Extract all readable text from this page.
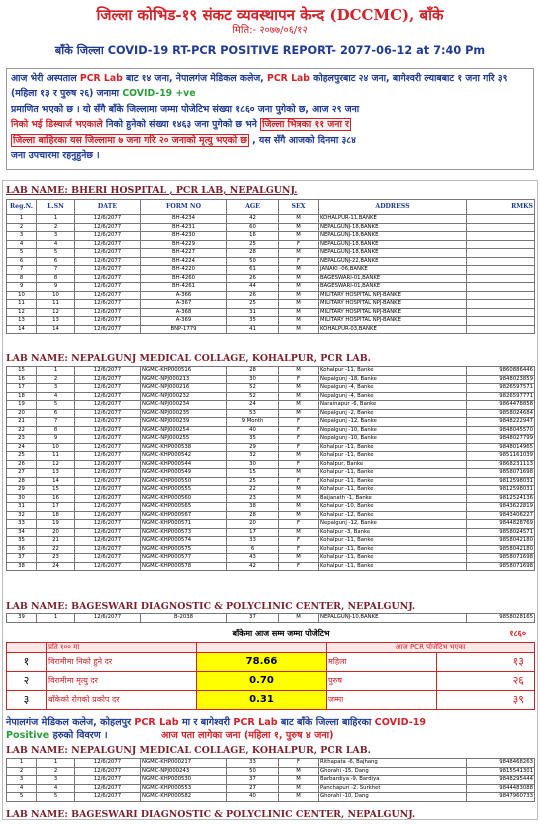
जिल्ला कोभिड-१९ संकट व्यवस्थापन केन्द (DCCMC), बाँके
मिति:- २०७७/०६/१२
बाँके जिल्ला COVID-19 RT-PCR POSITIVE REPORT- 2077-06-12 at 7:40 Pm
आज भेरी अस्पताल PCR Lab बाट १४ जना, नेपालगंज मेडिकल कलेज, PCR Lab कोहलपुरबाट २४ जना, बागेश्वरी ल्याबबाट १ जना गरि ३९ (महिला १३ र पुरुष २६) जनामा COVID-19 +ve
प्रमाणित भएको छ । यो सँगै बाँके जिल्लामा जम्मा पोजेटिभ संख्या १८६० जना पुगेको छ, आज २९ जना
निको भई डिस्चार्ज भएकाले निको हुनेको संख्या १४६३ जना पुगेको छ भने जिल्ला भित्रका ११ जना र
जिल्ला बाहिरका यस जिल्लामा ७ जना गरि २० जनाको मृत्यु भएको छ , यस सँगै आजको दिनमा ३८४
जना उपचारमा रहनुहुनेछ ।
LAB NAME: BHERI HOSPITAL , PCR LAB, NEPALGUNJ.
Reg.N.	L.SN	DATE	FORM NO	AGE	SEX	ADDRESS	RMKS
1	1	12/6/2077	BH-4234	42	M	KOHALPUR-11,BANKE	
2	2	12/6/2077	BH-4231	60	M	NEPALGUNJ-18,BANKE	
3	3	12/6/2077	BH-4230	16	M	NEPALGUNJ-18,BANKE	
4	4	12/6/2077	BH-4229	25	F	NEPALGUNJ-18,BANKE	
5	5	12/6/2077	BH-4227	28	M	NEPALGUNJ-18,BANKE	
6	6	12/6/2077	BH-4224	50	F	NEPALGUNJ-22,BANKE	
7	7	12/6/2077	BH-4220	61	M	JANAKI -06,BANKE	
8	8	12/6/2077	BH-4260	26	M	BAGESWARI-01,BANKE	
9	9	12/6/2077	BH-4261	44	M	BAGESWARI-01,BANKE	
10	10	12/6/2077	A-366	26	M	MILITARY HOSPITAL NPJ-BANKE	
11	11	12/6/2077	A-367	25	M	MILITARY HOSPITAL NPJ-BANKE	
12	12	12/6/2077	A-368	31	M	MILITARY HOSPITAL NPJ-BANKE	
13	13	12/6/2077	A-369	35	M	MILITARY HOSPITAL NPJ-BANKE	
14	14	12/6/2077	BNP-1779	41	M	KOHALPUR-03,BANKE	
LAB NAME: NEPALGUNJ MEDICAL COLLAGE, KOHALPUR, PCR LAB.
15	1	12/6/2077	NGMC-KHP000516	28	M	Kohalpur -11, Banke	9860886446
16	2	12/6/2077	NGMC-NPJ000213	30	F	Nepalgunj -18, Banke	9848023859
17	3	12/6/2077	NGMC-NPJ000216	52	M	Nepalgunj -4, Banke	9826597571
18	4	12/6/2077	NGMC-NPJ000232	52	M	Nepalgunj -4, Banke	9826597771
19	5	12/6/2077	NGMC-NPJ000234	24	M	Narainapur -6, Banke	9864478858
20	6	12/6/2077	NGMC-NPJ000235	53	M	Nepalgunj -2, Banke	9858024684
21	7	12/6/2077	NGMC-NPJ000239	9 Month	F	Nepalgunj -12, Banke	9848222947
22	8	12/6/2077	NGMC-NPJ000254	40	F	Nepalgunj -10, Banke	9848045570
23	9	12/6/2077	NGMC-NPJ000255	35	F	Nepalgunj -10, Banke	9848027799
24	10	12/6/2077	NGMC-KHP000538	29	F	Kohalpur -11, Banke	9848014965
25	11	12/6/2077	NGMC-KHP000542	32	M	Kohalpur -11, Banke	9851161039
26	12	12/6/2077	NGMC-KHP000544	30	F	Kohalpur, Banke	9868231113
27	13	12/6/2077	NGMC-KHP000549	15	M	Kohalpur -11, Banke	9858071698
28	14	12/6/2077	NGMC-KHP000550	25	F	Kohalpur -11, Banke	9812598031
29	15	12/6/2077	NGMC-KHP000555	22	M	Kohalpur -11, Banke	9812598031
30	16	12/6/2077	NGMC-KHP000560	23	M	Baijanath -1, Banke	9812524136
31	17	12/6/2077	NGMC-KHP000565	38	M	Kohalpur -10, Banke	9843622819
32	18	12/6/2077	NGMC-KHP000567	28	M	Kohalpur -12, Banke	9843406227
33	19	12/6/2077	NGMC-KHP000571	20	F	Nepalgunj -12, Banke	9844828769
34	20	12/6/2077	NGMC-KHP000573	17	M	Kohalpur -3, Banke	9858024571
35	21	12/6/2077	NGMC-KHP000574	33	F	Kohalpur -11, Banke	9858042180
36	22	12/6/2077	NGMC-KHP000575	6	F	Kohalpur -11, Banke	9858042180
37	23	12/6/2077	NGMC-KHP000577	43	M	Kohalpur -11, Banke	9858071698
38	24	12/6/2077	NGMC-KHP000578	42	F	Kohalpur -11, Banke	9858071698
LAB NAME: BAGESWARI DIAGNOSTIC & POLYCLINIC CENTER, NEPALGUNJ.
39	1	12/6/2077	B-2038	37	M	NEPALGUNJ-10,BANKE	9858028165
बाँकेमा आज सम्म जम्मा पोजेटिभ	१८६०
	प्रति १०० मा		आज PCR पोजेटिभ भएका	
१	विरामीमा निको हुने दर	78.66	महिला	१३
२	विरामीमा मृत्यु दर	0.70	पुरुष	२६
३	बाँकेको रोगको प्रकोप दर	0.31	जम्मा	३९
नेपालगंज मेडिकल कलेज, कोहलपुर PCR Lab मा र बागेश्वरी PCR Lab बाट बाँके जिल्ला बाहिरका COVID-19
Positive हरुको विवरण ।	आज पता लागेका जना (महिला १, पुरुष ४ जना)
LAB NAME: NEPALGUNJ MEDICAL COLLAGE, KOHALPUR, PCR LAB.
1	1	12/6/2077	NGMC-KHP000217	33	F	Rithapata -6, Bajhang	9848468263
2	2	12/6/2077	NGMC-NPJ000243	50	M	Ghorahi -15, Dang	9815541301
3	3	12/6/2077	NGMC-KHP000530	37	M	Barbardiya -9, Bardiya	9848295444
4	4	12/6/2077	NGMC-KHP000553	27	M	Panchapuri -2, Surkhet	9844483088
5	5	12/6/2077	NGMC-KHP000582	40	M	Ghorahi -10, Dang	9847960733
LAB NAME: BAGESWARI DIAGNOSTIC & POLYCLINIC CENTER, NEPALGUNJ.
